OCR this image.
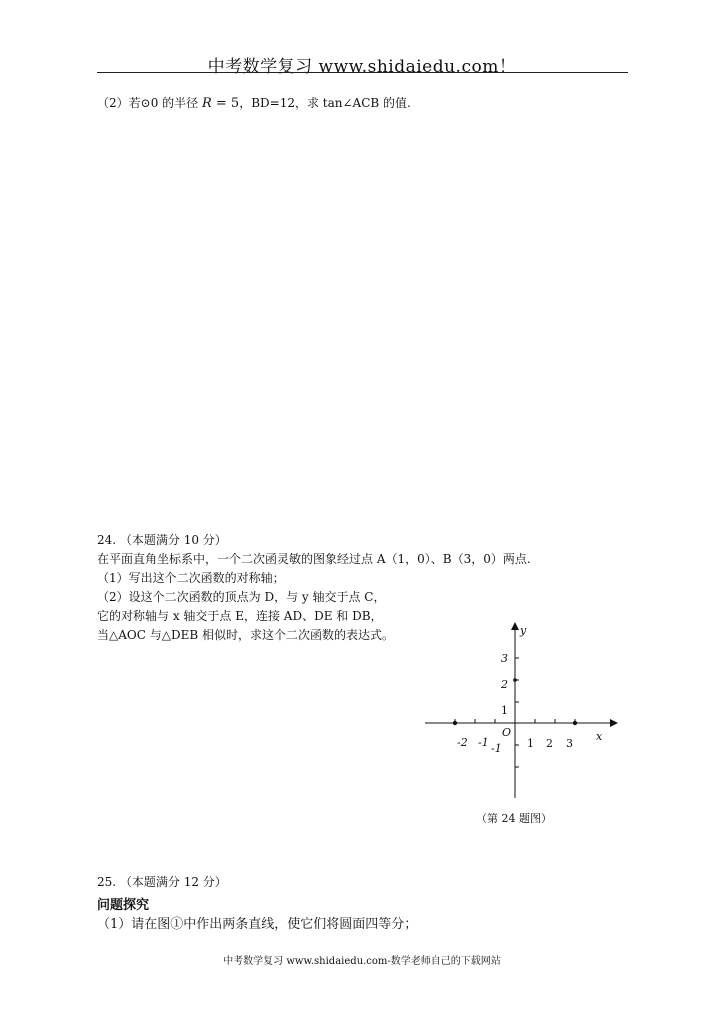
中考数学复习 www.shidaiedu.com！
（2）若⊙0 的半径 R = 5，BD=12，求 tan∠ACB 的值.
24. （本题满分 10 分）
在平面直角坐标系中，一个二次函灵敏的图象经过点 A（1，0）、B（3，0）两点.
（1）写出这个二次函数的对称轴；
（2）设这个二次函数的顶点为 D，与 y 轴交于点 C，
它的对称轴与 x 轴交于点 E，连接 AD、DE 和 DB，
当△AOC 与△DEB 相似时，求这个二次函数的表达式。	y
x
O
-2 -1	1 2 3
3
2
1
-1
（第 24 题图）
25. （本题满分 12 分）
问题探究
（1）请在图①中作出两条直线，使它们将圆面四等分；
中考数学复习 www.shidaiedu.com-数学老师自己的下载网站
